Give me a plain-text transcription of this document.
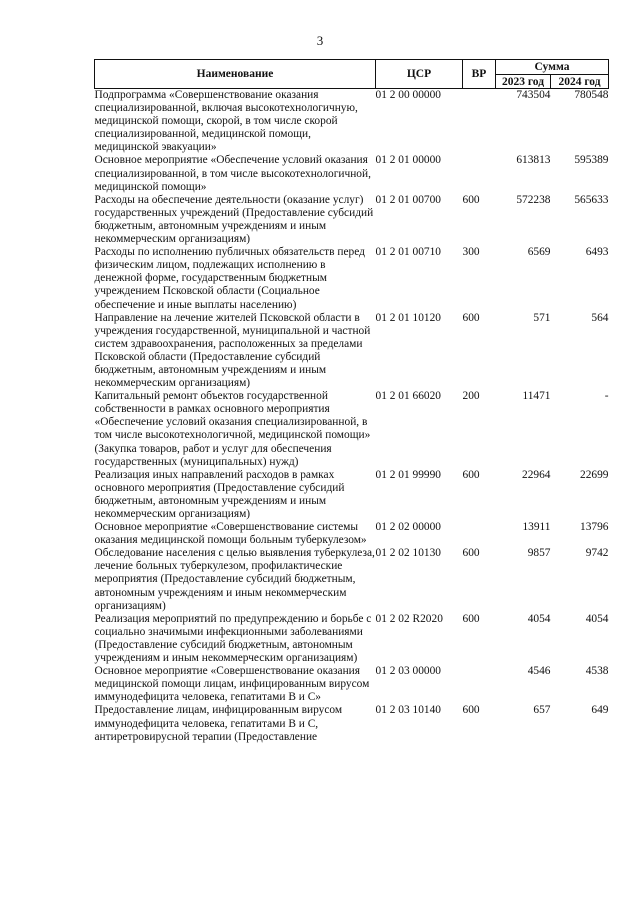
3
Наименование	ЦСР	ВР	Сумма	
			2023 год	2024 год
Подпрограмма «Совершенствование оказания специализированной, включая высокотехнологичную, медицинской помощи, скорой, в том числе скорой специализированной, медицинской помощи, медицинской эвакуации»	01 2 00 00000		743504	780548
Основное мероприятие «Обеспечение условий оказания специализированной, в том числе высокотехнологичной, медицинской помощи»	01 2 01 00000		613813	595389
Расходы на обеспечение деятельности (оказание услуг) государственных учреждений (Предоставление субсидий бюджетным, автономным учреждениям и иным некоммерческим организациям)	01 2 01 00700	600	572238	565633
Расходы по исполнению публичных обязательств перед физическим лицом, подлежащих исполнению в денежной форме, государственным бюджетным учреждением Псковской области (Социальное обеспечение и иные выплаты населению)	01 2 01 00710	300	6569	6493
Направление на лечение жителей Псковской области в учреждения государственной, муниципальной и частной систем здравоохранения, расположенных за пределами Псковской области (Предоставление субсидий бюджетным, автономным учреждениям и иным некоммерческим организациям)	01 2 01 10120	600	571	564
Капитальный ремонт объектов государственной собственности в рамках основного мероприятия «Обеспечение условий оказания специализированной, в том числе высокотехнологичной, медицинской помощи» (Закупка товаров, работ и услуг для обеспечения государственных (муниципальных) нужд)	01 2 01 66020	200	11471	-
Реализация иных направлений расходов в рамках основного мероприятия (Предоставление субсидий бюджетным, автономным учреждениям и иным некоммерческим организациям)	01 2 01 99990	600	22964	22699
Основное мероприятие «Совершенствование системы оказания медицинской помощи больным туберкулезом»	01 2 02 00000		13911	13796
Обследование населения с целью выявления туберкулеза, лечение больных туберкулезом, профилактические мероприятия (Предоставление субсидий бюджетным, автономным учреждениям и иным некоммерческим организациям)	01 2 02 10130	600	9857	9742
Реализация мероприятий по предупреждению и борьбе с социально значимыми инфекционными заболеваниями (Предоставление субсидий бюджетным, автономным учреждениям и иным некоммерческим организациям)	01 2 02 R2020	600	4054	4054
Основное мероприятие «Совершенствование оказания медицинской помощи лицам, инфицированным вирусом иммунодефицита человека, гепатитами В и С»	01 2 03 00000		4546	4538
Предоставление лицам, инфицированным вирусом иммунодефицита человека, гепатитами В и С, антиретровирусной терапии (Предоставление	01 2 03 10140	600	657	649
